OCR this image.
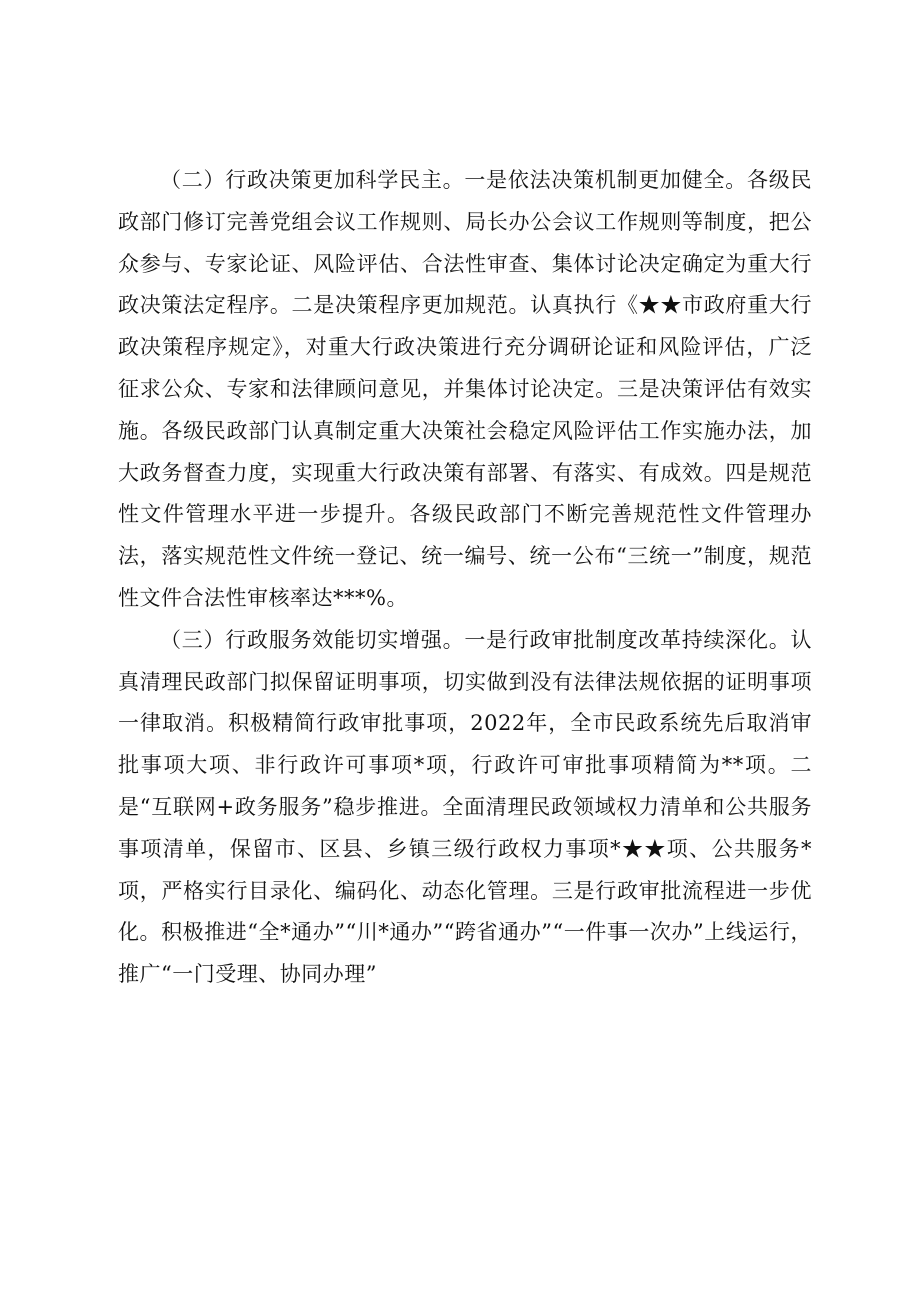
（二）行政决策更加科学民主。一是依法决策机制更加健全。各级民政部门修订完善党组会议工作规则、局长办公会议工作规则等制度，把公众参与、专家论证、风险评估、合法性审查、集体讨论决定确定为重大行政决策法定程序。二是决策程序更加规范。认真执行《★★市政府重大行政决策程序规定》，对重大行政决策进行充分调研论证和风险评估，广泛征求公众、专家和法律顾问意见，并集体讨论决定。三是决策评估有效实施。各级民政部门认真制定重大决策社会稳定风险评估工作实施办法，加大政务督查力度，实现重大行政决策有部署、有落实、有成效。四是规范性文件管理水平进一步提升。各级民政部门不断完善规范性文件管理办法，落实规范性文件统一登记、统一编号、统一公布“三统一”制度，规范性文件合法性审核率达***%。

（三）行政服务效能切实增强。一是行政审批制度改革持续深化。认真清理民政部门拟保留证明事项，切实做到没有法律法规依据的证明事项一律取消。积极精简行政审批事项，2022年，全市民政系统先后取消审批事项大项、非行政许可事项*项，行政许可审批事项精简为**项。二是“互联网+政务服务”稳步推进。全面清理民政领域权力清单和公共服务事项清单，保留市、区县、乡镇三级行政权力事项*★★项、公共服务*项，严格实行目录化、编码化、动态化管理。三是行政审批流程进一步优化。积极推进“全*通办”“川*通办”“跨省通办”“一件事一次办”上线运行，推广“一门受理、协同办理”
